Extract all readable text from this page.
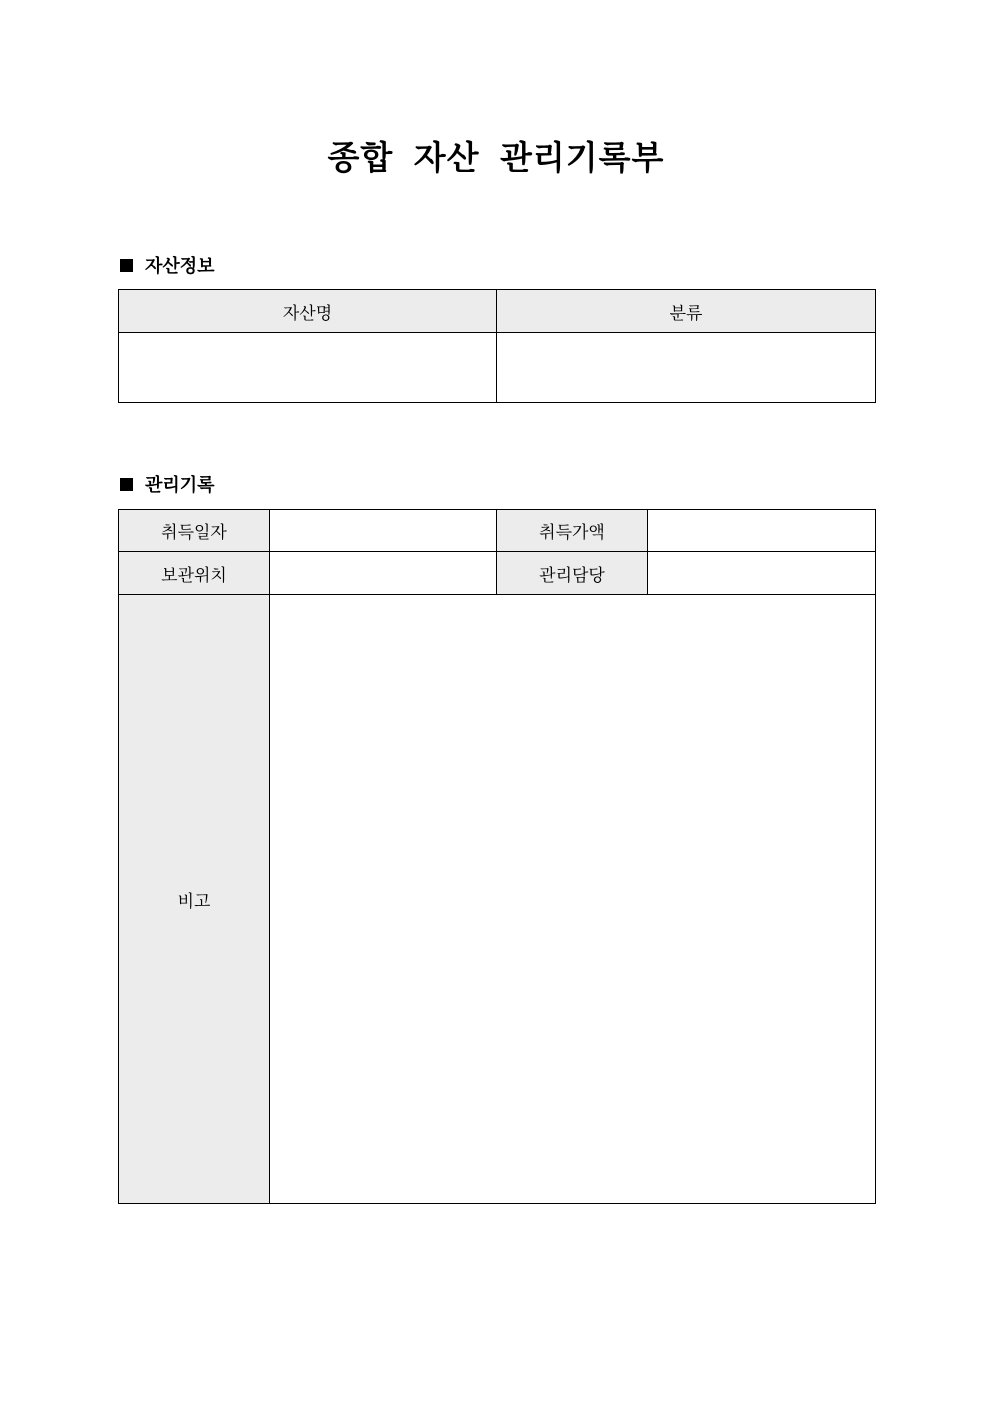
종합 자산 관리기록부
자산정보
자산명	분류

관리기록
취득일자		취득가액	
보관위치		관리담당	
비고			
